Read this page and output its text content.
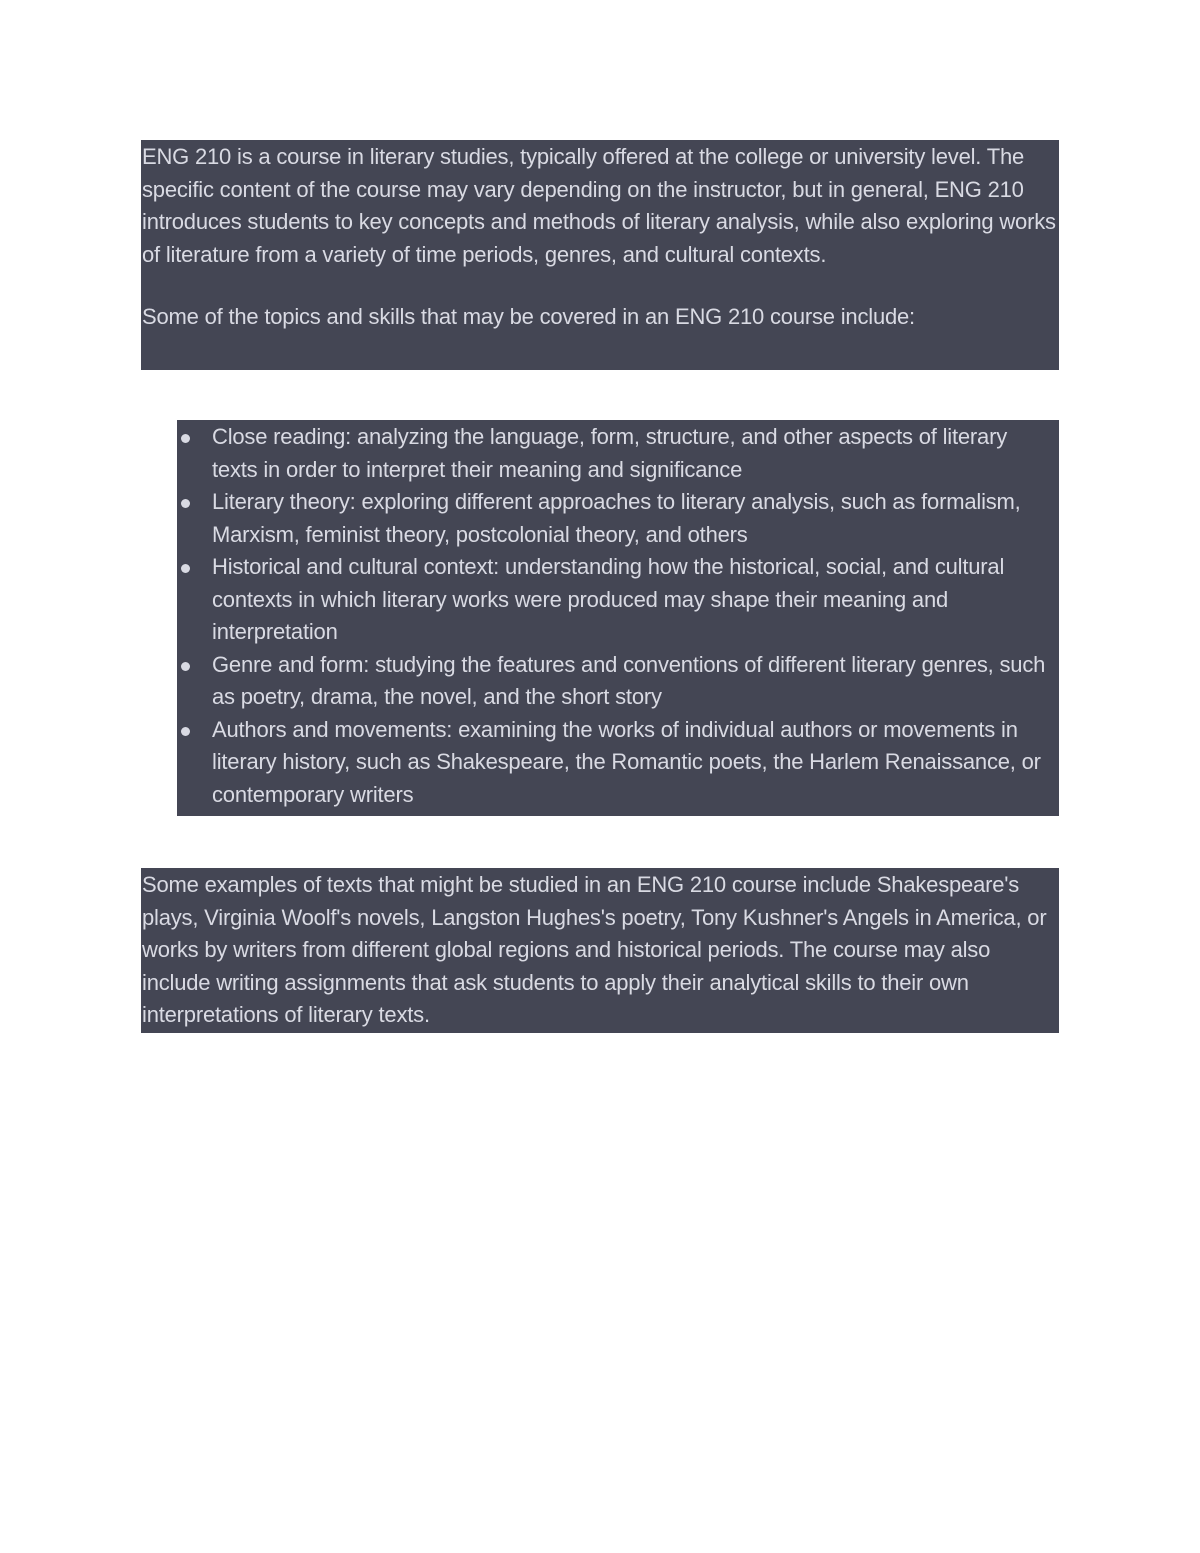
ENG 210 is a course in literary studies, typically offered at the college or university level. The specific content of the course may vary depending on the instructor, but in general, ENG 210 introduces students to key concepts and methods of literary analysis, while also exploring works of literature from a variety of time periods, genres, and cultural contexts.

Some of the topics and skills that may be covered in an ENG 210 course include:

Close reading: analyzing the language, form, structure, and other aspects of literary texts in order to interpret their meaning and significance
Literary theory: exploring different approaches to literary analysis, such as formalism, Marxism, feminist theory, postcolonial theory, and others
Historical and cultural context: understanding how the historical, social, and cultural contexts in which literary works were produced may shape their meaning and interpretation
Genre and form: studying the features and conventions of different literary genres, such as poetry, drama, the novel, and the short story
Authors and movements: examining the works of individual authors or movements in literary history, such as Shakespeare, the Romantic poets, the Harlem Renaissance, or contemporary writers

Some examples of texts that might be studied in an ENG 210 course include Shakespeare's plays, Virginia Woolf's novels, Langston Hughes's poetry, Tony Kushner's Angels in America, or works by writers from different global regions and historical periods. The course may also include writing assignments that ask students to apply their analytical skills to their own interpretations of literary texts.
